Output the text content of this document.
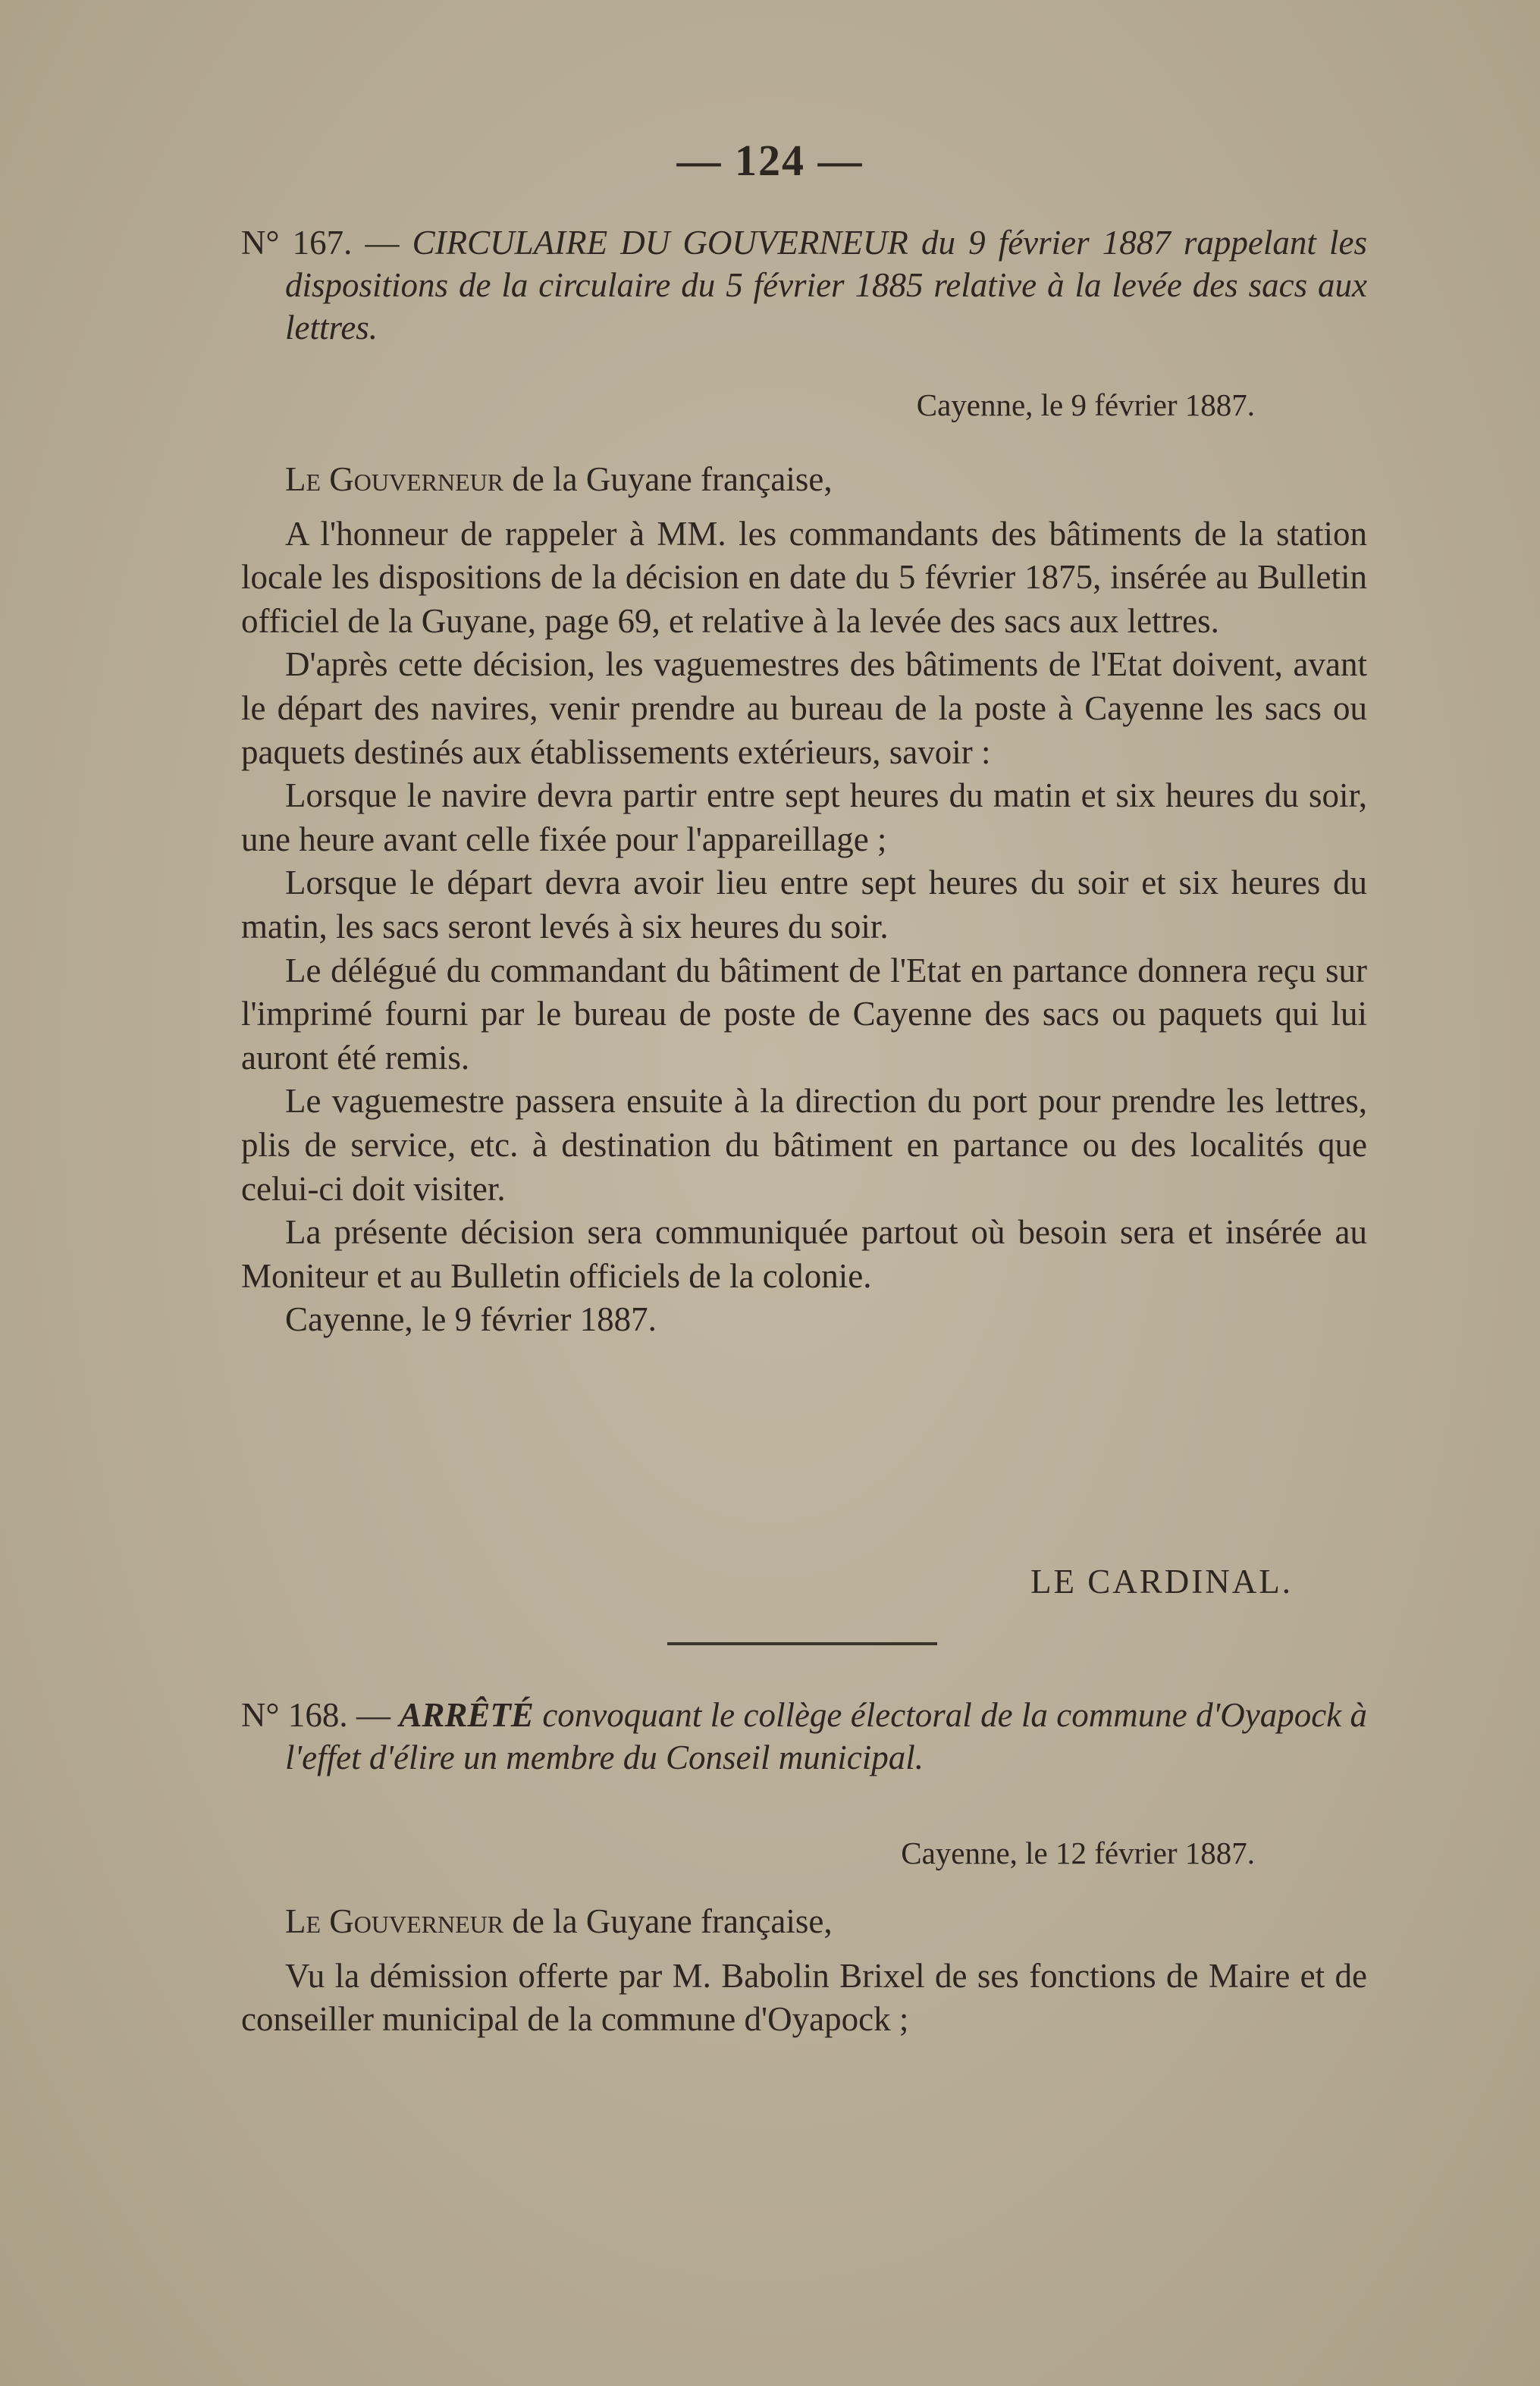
— 124 —

N° 167. — CIRCULAIRE DU GOUVERNEUR du 9 février 1887 rappelant les dispositions de la circulaire du 5 février 1885 relative à la levée des sacs aux lettres.

Cayenne, le 9 février 1887.

Le Gouverneur de la Guyane française,

A l'honneur de rappeler à MM. les commandants des bâtiments de la station locale les dispositions de la décision en date du 5 février 1875, insérée au Bulletin officiel de la Guyane, page 69, et relative à la levée des sacs aux lettres.

D'après cette décision, les vaguemestres des bâtiments de l'Etat doivent, avant le départ des navires, venir prendre au bureau de la poste à Cayenne les sacs ou paquets destinés aux établissements extérieurs, savoir :

Lorsque le navire devra partir entre sept heures du matin et six heures du soir, une heure avant celle fixée pour l'appareillage ;

Lorsque le départ devra avoir lieu entre sept heures du soir et six heures du matin, les sacs seront levés à six heures du soir.

Le délégué du commandant du bâtiment de l'Etat en partance donnera reçu sur l'imprimé fourni par le bureau de poste de Cayenne des sacs ou paquets qui lui auront été remis.

Le vaguemestre passera ensuite à la direction du port pour prendre les lettres, plis de service, etc. à destination du bâtiment en partance ou des localités que celui-ci doit visiter.

La présente décision sera communiquée partout où besoin sera et insérée au Moniteur et au Bulletin officiels de la colonie.

Cayenne, le 9 février 1887.

LE CARDINAL.

N° 168. — ARRÊTÉ convoquant le collège électoral de la commune d'Oyapock à l'effet d'élire un membre du Conseil municipal.

Cayenne, le 12 février 1887.

Le Gouverneur de la Guyane française,

Vu la démission offerte par M. Babolin Brixel de ses fonctions de Maire et de conseiller municipal de la commune d'Oyapock ;
